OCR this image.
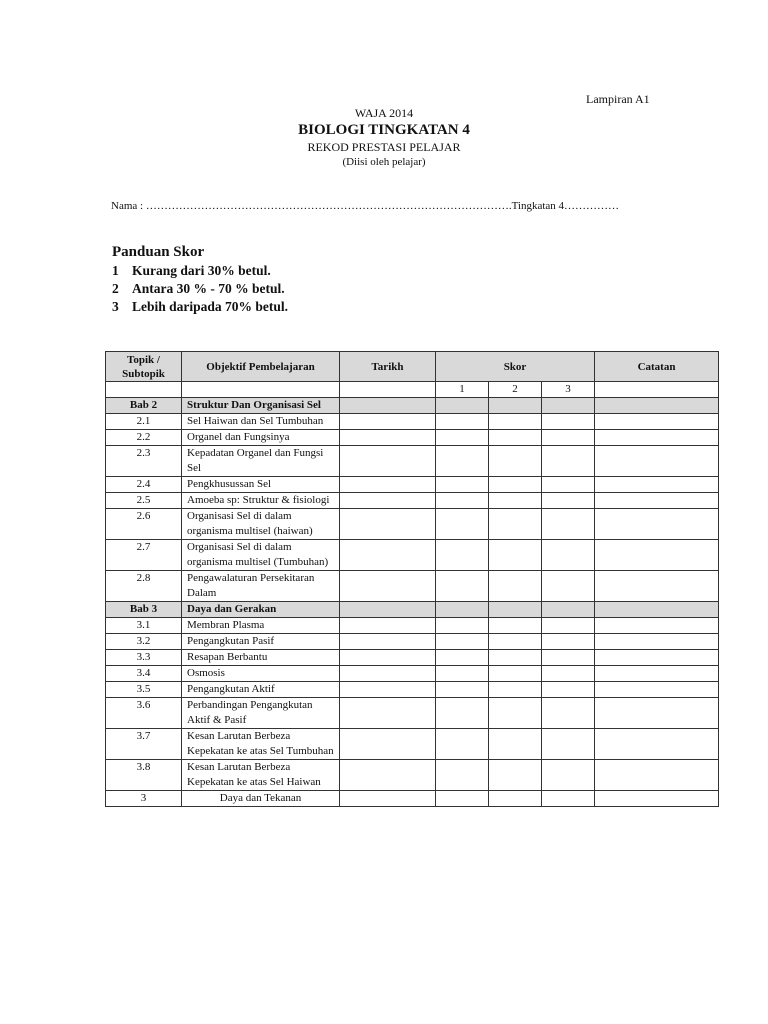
Lampiran A1
WAJA 2014
BIOLOGI TINGKATAN 4
REKOD PRESTASI PELAJAR
(Diisi oleh pelajar)
Nama : ……………………………………………………………………………………….Tingkatan 4……………
Panduan Skor
1 Kurang dari 30% betul.
2 Antara 30 % - 70 % betul.
3 Lebih daripada 70% betul.
Topik / Subtopik	Objektif Pembelajaran	Tarikh	Skor			Catatan
			1	2	3	
Bab 2	Struktur Dan Organisasi Sel					
2.1	Sel Haiwan dan Sel Tumbuhan					
2.2	Organel dan Fungsinya					
2.3	Kepadatan Organel dan Fungsi Sel					
2.4	Pengkhusussan Sel					
2.5	Amoeba sp: Struktur & fisiologi					
2.6	Organisasi Sel di dalam organisma multisel (haiwan)					
2.7	Organisasi Sel di dalam organisma multisel (Tumbuhan)					
2.8	Pengawalaturan Persekitaran Dalam					
Bab 3	Daya dan Gerakan					
3.1	Membran Plasma					
3.2	Pengangkutan Pasif					
3.3	Resapan Berbantu					
3.4	Osmosis					
3.5	Pengangkutan Aktif					
3.6	Perbandingan Pengangkutan Aktif & Pasif					
3.7	Kesan Larutan Berbeza Kepekatan ke atas Sel Tumbuhan					
3.8	Kesan Larutan Berbeza Kepekatan ke atas Sel Haiwan					
3	Daya dan Tekanan					
